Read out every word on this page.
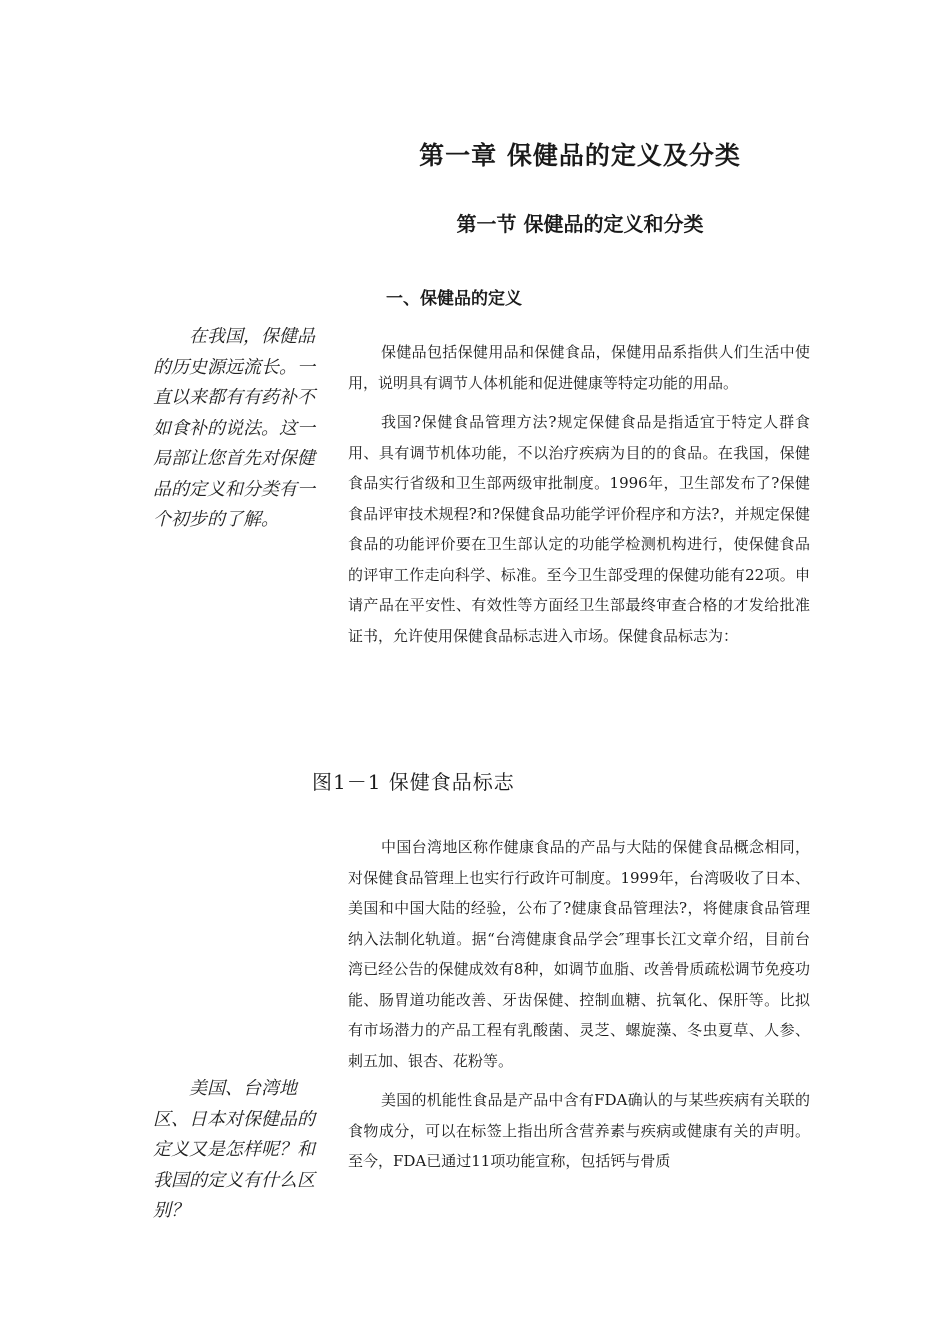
第一章 保健品的定义及分类
第一节 保健品的定义和分类
一、保健品的定义

在我国，保健品的历史源远流长。一直以来都有有药补不如食补的说法。这一局部让您首先对保健品的定义和分类有一个初步的了解。

保健品包括保健用品和保健食品，保健用品系指供人们生活中使用，说明具有调节人体机能和促进健康等特定功能的用品。

我国?保健食品管理方法?规定保健食品是指适宜于特定人群食用、具有调节机体功能，不以治疗疾病为目的的食品。在我国，保健食品实行省级和卫生部两级审批制度。1996年，卫生部发布了?保健食品评审技术规程?和?保健食品功能学评价程序和方法?，并规定保健食品的功能评价要在卫生部认定的功能学检测机构进行，使保健食品的评审工作走向科学、标准。至今卫生部受理的保健功能有22项。申请产品在平安性、有效性等方面经卫生部最终审查合格的才发给批准证书，允许使用保健食品标志进入市场。保健食品标志为：

图1－1 保健食品标志

中国台湾地区称作健康食品的产品与大陆的保健食品概念相同，对保健食品管理上也实行行政许可制度。1999年，台湾吸收了日本、美国和中国大陆的经验，公布了?健康食品管理法?，将健康食品管理纳入法制化轨道。据“台湾健康食品学会″理事长江文章介绍，目前台湾已经公告的保健成效有8种，如调节血脂、改善骨质疏松调节免疫功能、肠胃道功能改善、牙齿保健、控制血糖、抗氧化、保肝等。比拟有市场潜力的产品工程有乳酸菌、灵芝、螺旋藻、冬虫夏草、人参、刺五加、银杏、花粉等。

美国的机能性食品是产品中含有FDA确认的与某些疾病有关联的食物成分，可以在标签上指出所含营养素与疾病或健康有关的声明。至今，FDA已通过11项功能宣称，包括钙与骨质

美国、台湾地区、日本对保健品的定义又是怎样呢？和我国的定义有什么区别？
